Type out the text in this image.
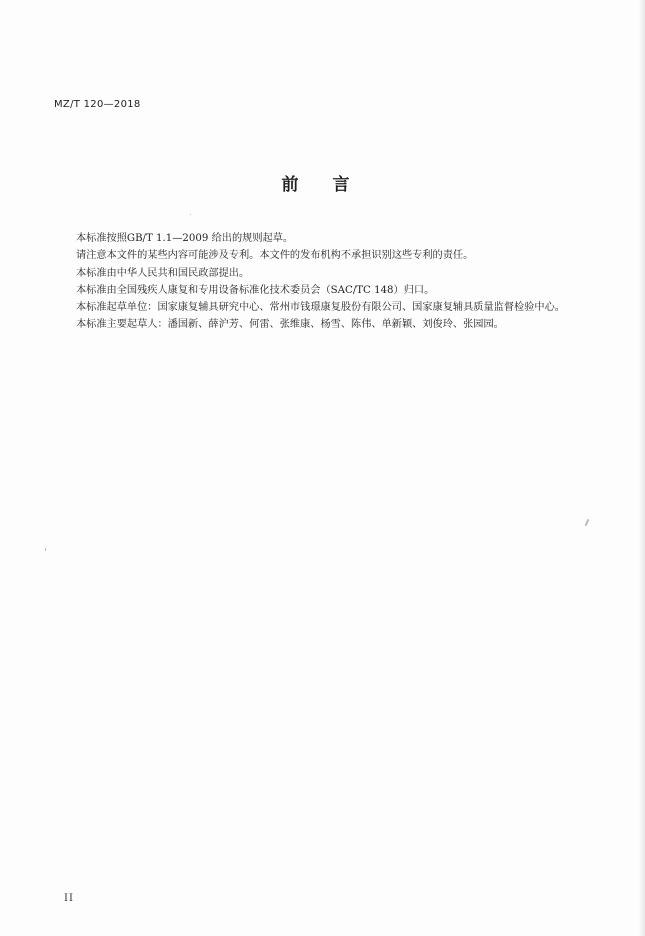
MZ/T 120—2018
前 言

本标准按照GB/T 1.1—2009 给出的规则起草。

请注意本文件的某些内容可能涉及专利。本文件的发布机构不承担识别这些专利的责任。

本标准由中华人民共和国民政部提出。

本标准由全国残疾人康复和专用设备标准化技术委员会（SAC/TC 148）归口。

本标准起草单位：国家康复辅具研究中心、常州市钱璟康复股份有限公司、国家康复辅具质量监督检验中心。

本标准主要起草人：潘国新、薛沪芳、何雷、张维康、杨雪、陈伟、单新颖、刘俊玲、张园园。

II
